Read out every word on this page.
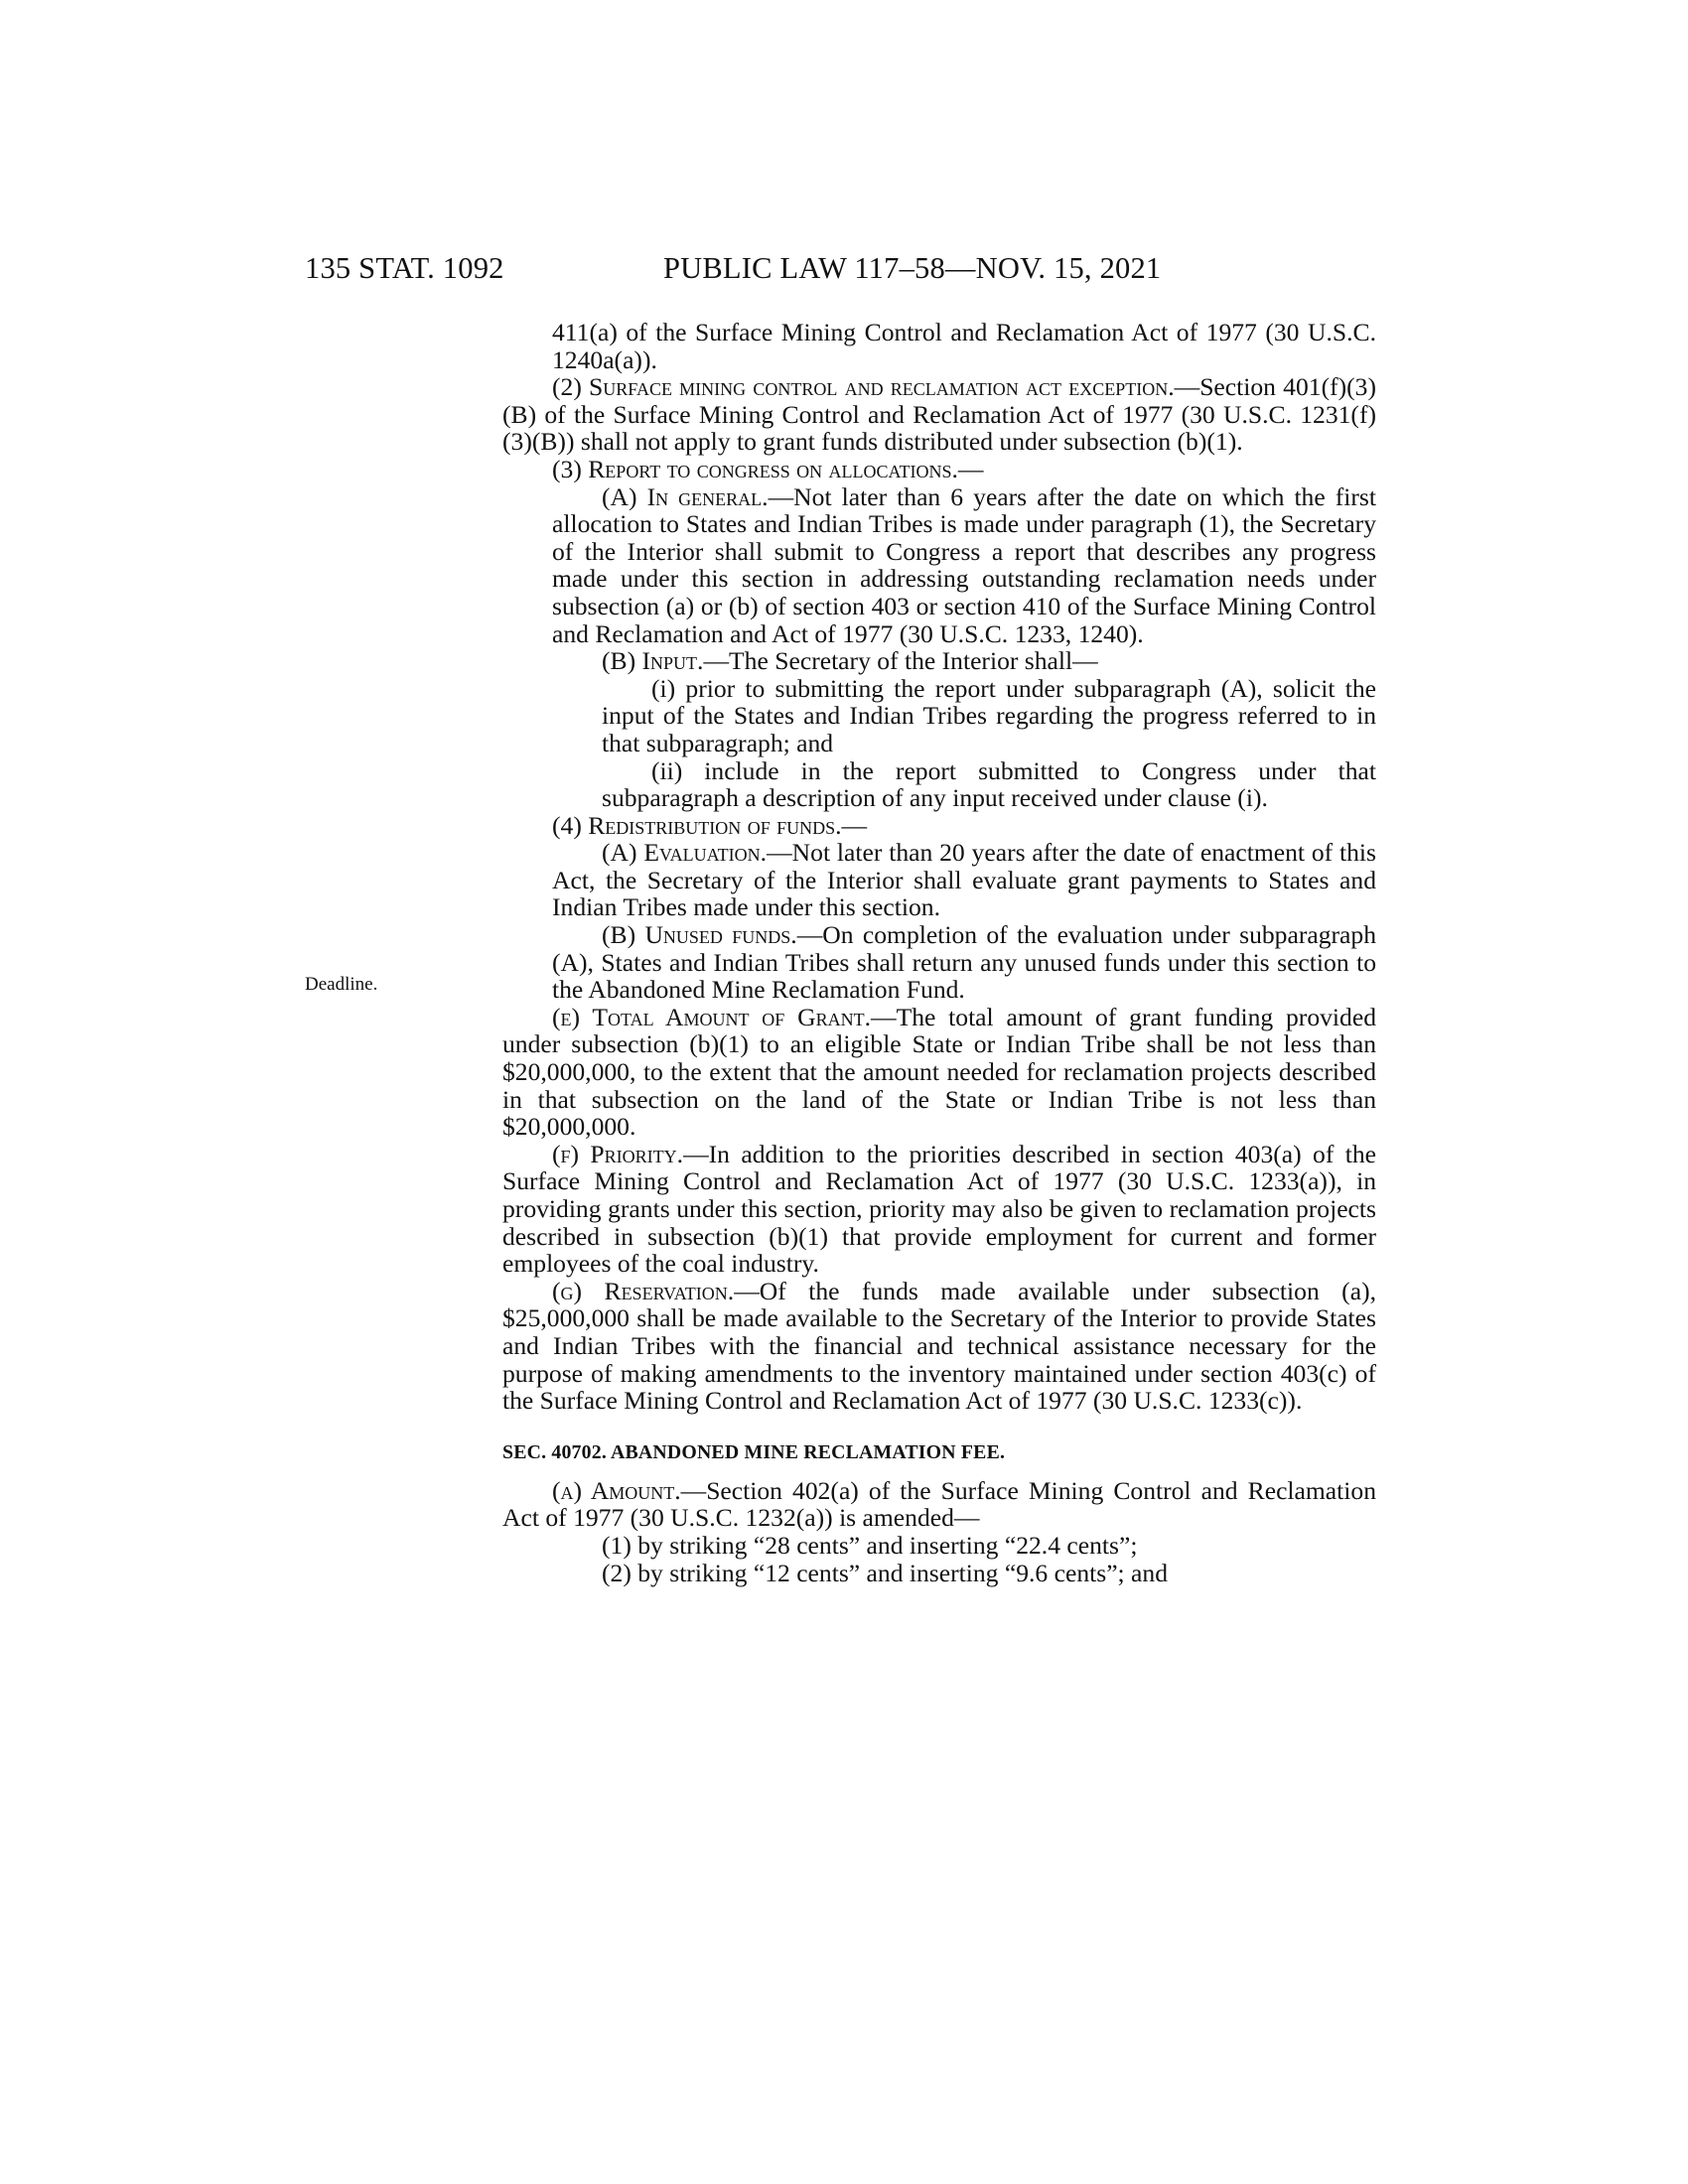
135 STAT. 1092	PUBLIC LAW 117–58—NOV. 15, 2021
Deadline.

411(a) of the Surface Mining Control and Reclamation Act of 1977 (30 U.S.C. 1240a(a)).

(2) Surface mining control and reclamation act exception.—Section 401(f)(3)(B) of the Surface Mining Control and Reclamation Act of 1977 (30 U.S.C. 1231(f)(3)(B)) shall not apply to grant funds distributed under subsection (b)(1).

(3) Report to congress on allocations.—

(A) In general.—Not later than 6 years after the date on which the first allocation to States and Indian Tribes is made under paragraph (1), the Secretary of the Interior shall submit to Congress a report that describes any progress made under this section in addressing outstanding reclamation needs under subsection (a) or (b) of section 403 or section 410 of the Surface Mining Control and Reclamation and Act of 1977 (30 U.S.C. 1233, 1240).

(B) Input.—The Secretary of the Interior shall—

(i) prior to submitting the report under subparagraph (A), solicit the input of the States and Indian Tribes regarding the progress referred to in that subparagraph; and

(ii) include in the report submitted to Congress under that subparagraph a description of any input received under clause (i).

(4) Redistribution of funds.—

(A) Evaluation.—Not later than 20 years after the date of enactment of this Act, the Secretary of the Interior shall evaluate grant payments to States and Indian Tribes made under this section.

(B) Unused funds.—On completion of the evaluation under subparagraph (A), States and Indian Tribes shall return any unused funds under this section to the Abandoned Mine Reclamation Fund.

(e) Total Amount of Grant.—The total amount of grant funding provided under subsection (b)(1) to an eligible State or Indian Tribe shall be not less than $20,000,000, to the extent that the amount needed for reclamation projects described in that subsection on the land of the State or Indian Tribe is not less than $20,000,000.

(f) Priority.—In addition to the priorities described in section 403(a) of the Surface Mining Control and Reclamation Act of 1977 (30 U.S.C. 1233(a)), in providing grants under this section, priority may also be given to reclamation projects described in subsection (b)(1) that provide employment for current and former employees of the coal industry.

(g) Reservation.—Of the funds made available under subsection (a), $25,000,000 shall be made available to the Secretary of the Interior to provide States and Indian Tribes with the financial and technical assistance necessary for the purpose of making amendments to the inventory maintained under section 403(c) of the Surface Mining Control and Reclamation Act of 1977 (30 U.S.C. 1233(c)).

SEC. 40702. ABANDONED MINE RECLAMATION FEE.

(a) Amount.—Section 402(a) of the Surface Mining Control and Reclamation Act of 1977 (30 U.S.C. 1232(a)) is amended—

(1) by striking “28 cents” and inserting “22.4 cents”;

(2) by striking “12 cents” and inserting “9.6 cents”; and
